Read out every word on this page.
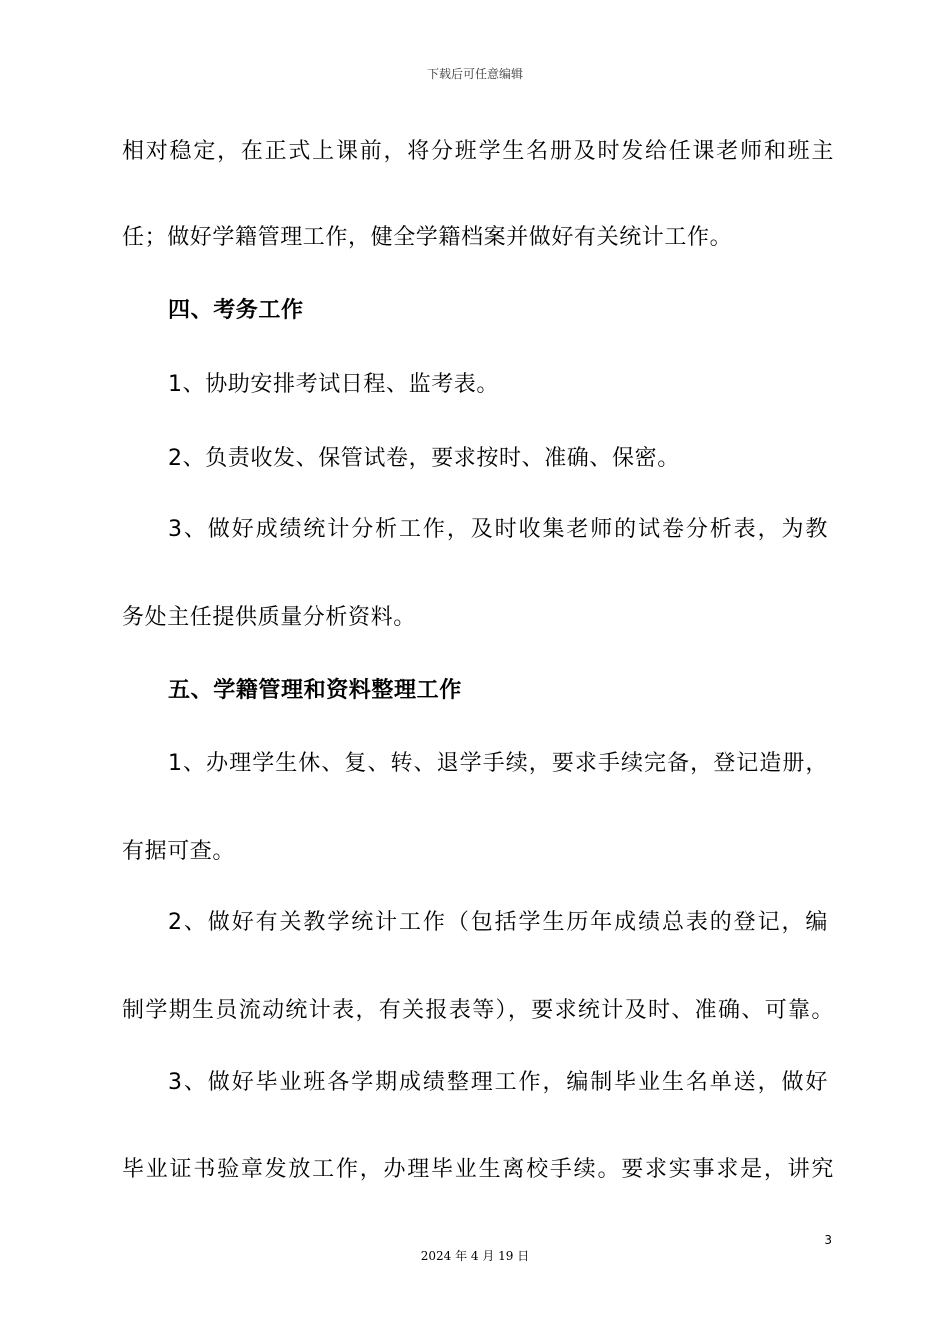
下载后可任意编辑
相对稳定，在正式上课前，将分班学生名册及时发给任课老师和班主
任；做好学籍管理工作，健全学籍档案并做好有关统计工作。
四、考务工作
1、协助安排考试日程、监考表。
2、负责收发、保管试卷，要求按时、准确、保密。
3、做好成绩统计分析工作，及时收集老师的试卷分析表，为教
务处主任提供质量分析资料。
五、学籍管理和资料整理工作
1、办理学生休、复、转、退学手续，要求手续完备，登记造册，
有据可查。
2、做好有关教学统计工作（包括学生历年成绩总表的登记，编
制学期生员流动统计表，有关报表等），要求统计及时、准确、可靠。
3、做好毕业班各学期成绩整理工作，编制毕业生名单送，做好
毕业证书验章发放工作，办理毕业生离校手续。要求实事求是，讲究
3
2024 年 4 月 19 日
